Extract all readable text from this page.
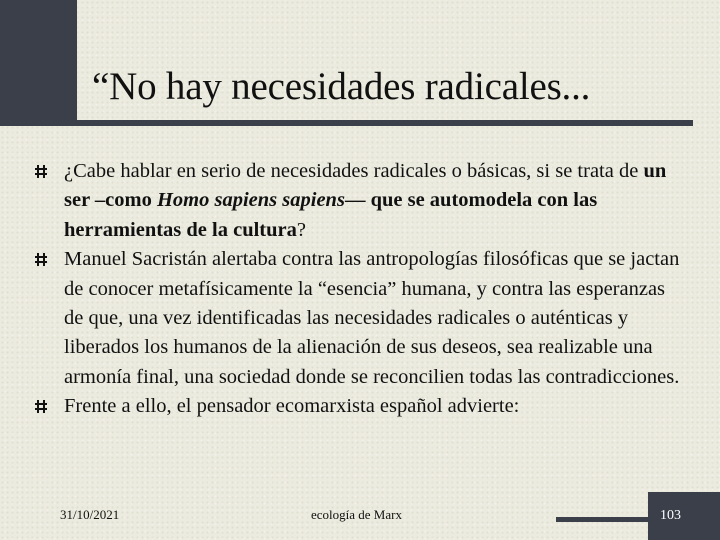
“No hay necesidades radicales...
¿Cabe hablar en serio de necesidades radicales o básicas, si se trata de un ser –como Homo sapiens sapiens— que se automodela con las herramientas de la cultura?
Manuel Sacristán alertaba contra las antropologías filosóficas que se jactan de conocer metafísicamente la “esencia” humana, y contra las esperanzas de que, una vez identificadas las necesidades radicales o auténticas y liberados los humanos de la alienación de sus deseos, sea realizable una armonía final, una sociedad donde se reconcilien todas las contradicciones.
Frente a ello, el pensador ecomarxista español advierte:
31/10/2021	ecología de Marx	103
